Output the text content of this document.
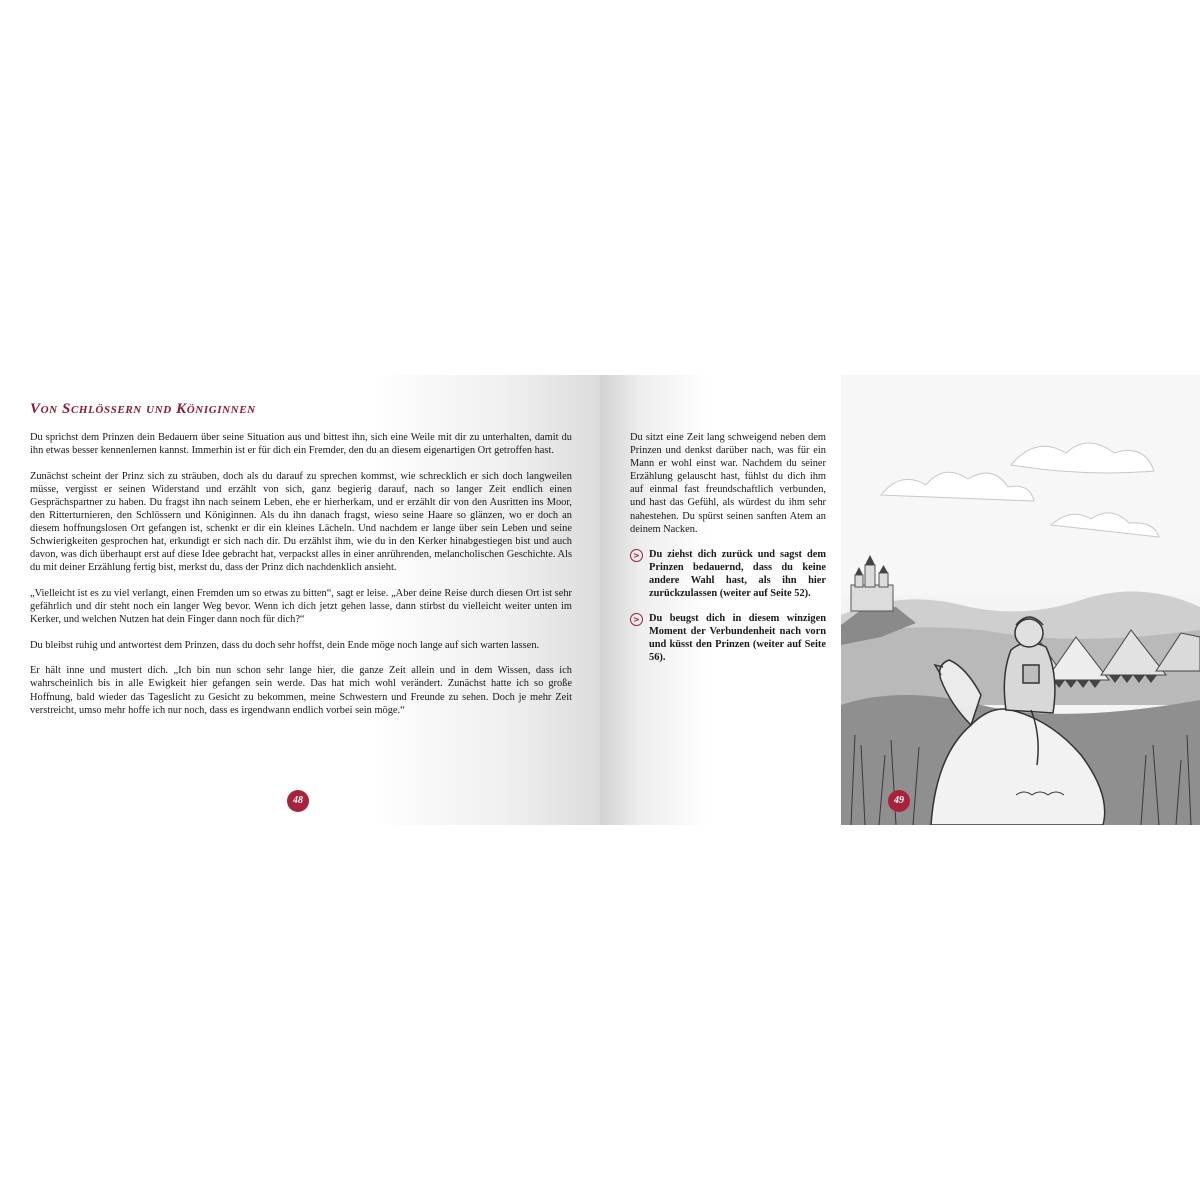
Von Schlössern und Königinnen

Du sprichst dem Prinzen dein Bedauern über seine Situation aus und bittest ihn, sich eine Weile mit dir zu unterhalten, damit du ihn etwas besser kennenlernen kannst. Immerhin ist er für dich ein Fremder, den du an diesem eigenartigen Ort getroffen hast.

Zunächst scheint der Prinz sich zu sträuben, doch als du darauf zu sprechen kommst, wie schrecklich er sich doch langweilen müsse, vergisst er seinen Widerstand und erzählt von sich, ganz begierig darauf, nach so langer Zeit endlich einen Gesprächspartner zu haben. Du fragst ihn nach seinem Leben, ehe er hierherkam, und er erzählt dir von den Ausritten ins Moor, den Ritterturnieren, den Schlössern und Königinnen. Als du ihn danach fragst, wieso seine Haare so glänzen, wo er doch an diesem hoffnungslosen Ort gefangen ist, schenkt er dir ein kleines Lächeln. Und nachdem er lange über sein Leben und seine Schwierigkeiten gesprochen hat, erkundigt er sich nach dir. Du erzählst ihm, wie du in den Kerker hinabgestiegen bist und auch davon, was dich überhaupt erst auf diese Idee gebracht hat, verpackst alles in einer anrührenden, melancholischen Geschichte. Als du mit deiner Erzählung fertig bist, merkst du, dass der Prinz dich nachdenklich ansieht.

„Vielleicht ist es zu viel verlangt, einen Fremden um so etwas zu bitten“, sagt er leise. „Aber deine Reise durch diesen Ort ist sehr gefährlich und dir steht noch ein langer Weg bevor. Wenn ich dich jetzt gehen lasse, dann stirbst du vielleicht weiter unten im Kerker, und welchen Nutzen hat dein Finger dann noch für dich?“

Du bleibst ruhig und antwortest dem Prinzen, dass du doch sehr hoffst, dein Ende möge noch lange auf sich warten lassen.

Er hält inne und mustert dich. „Ich bin nun schon sehr lange hier, die ganze Zeit allein und in dem Wissen, dass ich wahrscheinlich bis in alle Ewigkeit hier gefangen sein werde. Das hat mich wohl verändert. Zunächst hatte ich so große Hoffnung, bald wieder das Tageslicht zu Gesicht zu bekommen, meine Schwestern und Freunde zu sehen. Doch je mehr Zeit verstreicht, umso mehr hoffe ich nur noch, dass es irgendwann endlich vorbei sein möge.“

48

Du sitzt eine Zeit lang schweigend neben dem Prinzen und denkst darüber nach, was für ein Mann er wohl einst war. Nachdem du seiner Erzählung gelauscht hast, fühlst du dich ihm auf einmal fast freundschaftlich verbunden, und hast das Gefühl, als würdest du ihm sehr nahestehen. Du spürst seinen sanften Atem an deinem Nacken.

> Du ziehst dich zurück und sagst dem Prinzen bedauernd, dass du keine andere Wahl hast, als ihn hier zurückzulassen (weiter auf Seite 52).
> Du beugst dich in diesem winzigen Moment der Verbundenheit nach vorn und küsst den Prinzen (weiter auf Seite 56).
49
